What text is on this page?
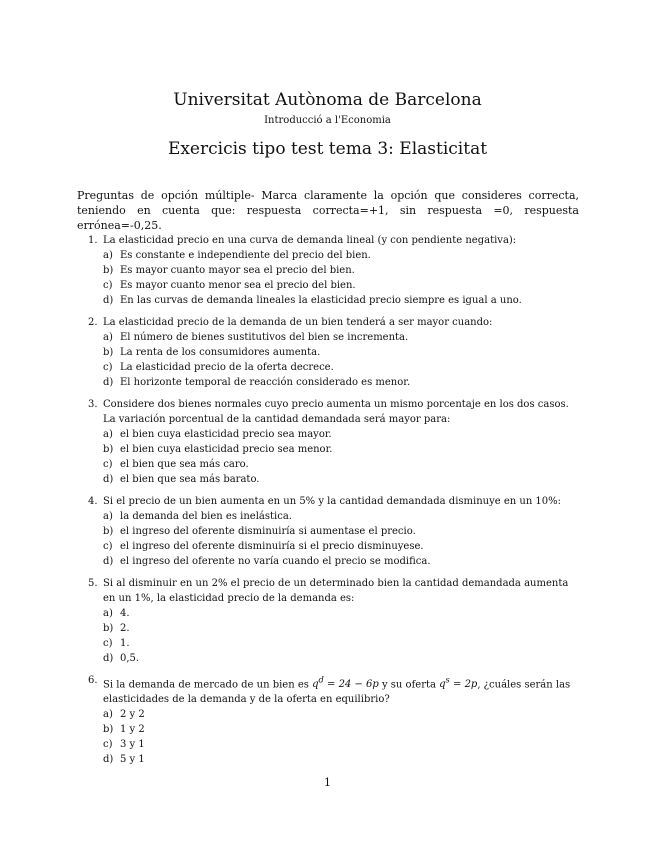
Universitat Autònoma de Barcelona
Introducció a l'Economia
Exercicis tipo test tema 3: Elasticitat
Preguntas de opción múltiple- Marca claramente la opción que consideres correcta, teniendo en cuenta que: respuesta correcta=+1, sin respuesta =0, respuesta errónea=-0,25.
1. La elasticidad precio en una curva de demanda lineal (y con pendiente negativa):
a) Es constante e independiente del precio del bien.
b) Es mayor cuanto mayor sea el precio del bien.
c) Es mayor cuanto menor sea el precio del bien.
d) En las curvas de demanda lineales la elasticidad precio siempre es igual a uno.
2. La elasticidad precio de la demanda de un bien tenderá a ser mayor cuando:
a) El número de bienes sustitutivos del bien se incrementa.
b) La renta de los consumidores aumenta.
c) La elasticidad precio de la oferta decrece.
d) El horizonte temporal de reacción considerado es menor.
3. Considere dos bienes normales cuyo precio aumenta un mismo porcentaje en los dos casos.
La variación porcentual de la cantidad demandada será mayor para:
a) el bien cuya elasticidad precio sea mayor.
b) el bien cuya elasticidad precio sea menor.
c) el bien que sea más caro.
d) el bien que sea más barato.
4. Si el precio de un bien aumenta en un 5% y la cantidad demandada disminuye en un 10%:
a) la demanda del bien es inelástica.
b) el ingreso del oferente disminuiría si aumentase el precio.
c) el ingreso del oferente disminuiría si el precio disminuyese.
d) el ingreso del oferente no varía cuando el precio se modifica.
5. Si al disminuir en un 2% el precio de un determinado bien la cantidad demandada aumenta
en un 1%, la elasticidad precio de la demanda es:
a) 4.
b) 2.
c) 1.
d) 0,5.
6. Si la demanda de mercado de un bien es $q^d = 24 - 6p$ y su oferta $q^s = 2p$, ¿cuáles serán las
elasticidades de la demanda y de la oferta en equilibrio?
a) 2 y 2
b) 1 y 2
c) 3 y 1
d) 5 y 1
1
